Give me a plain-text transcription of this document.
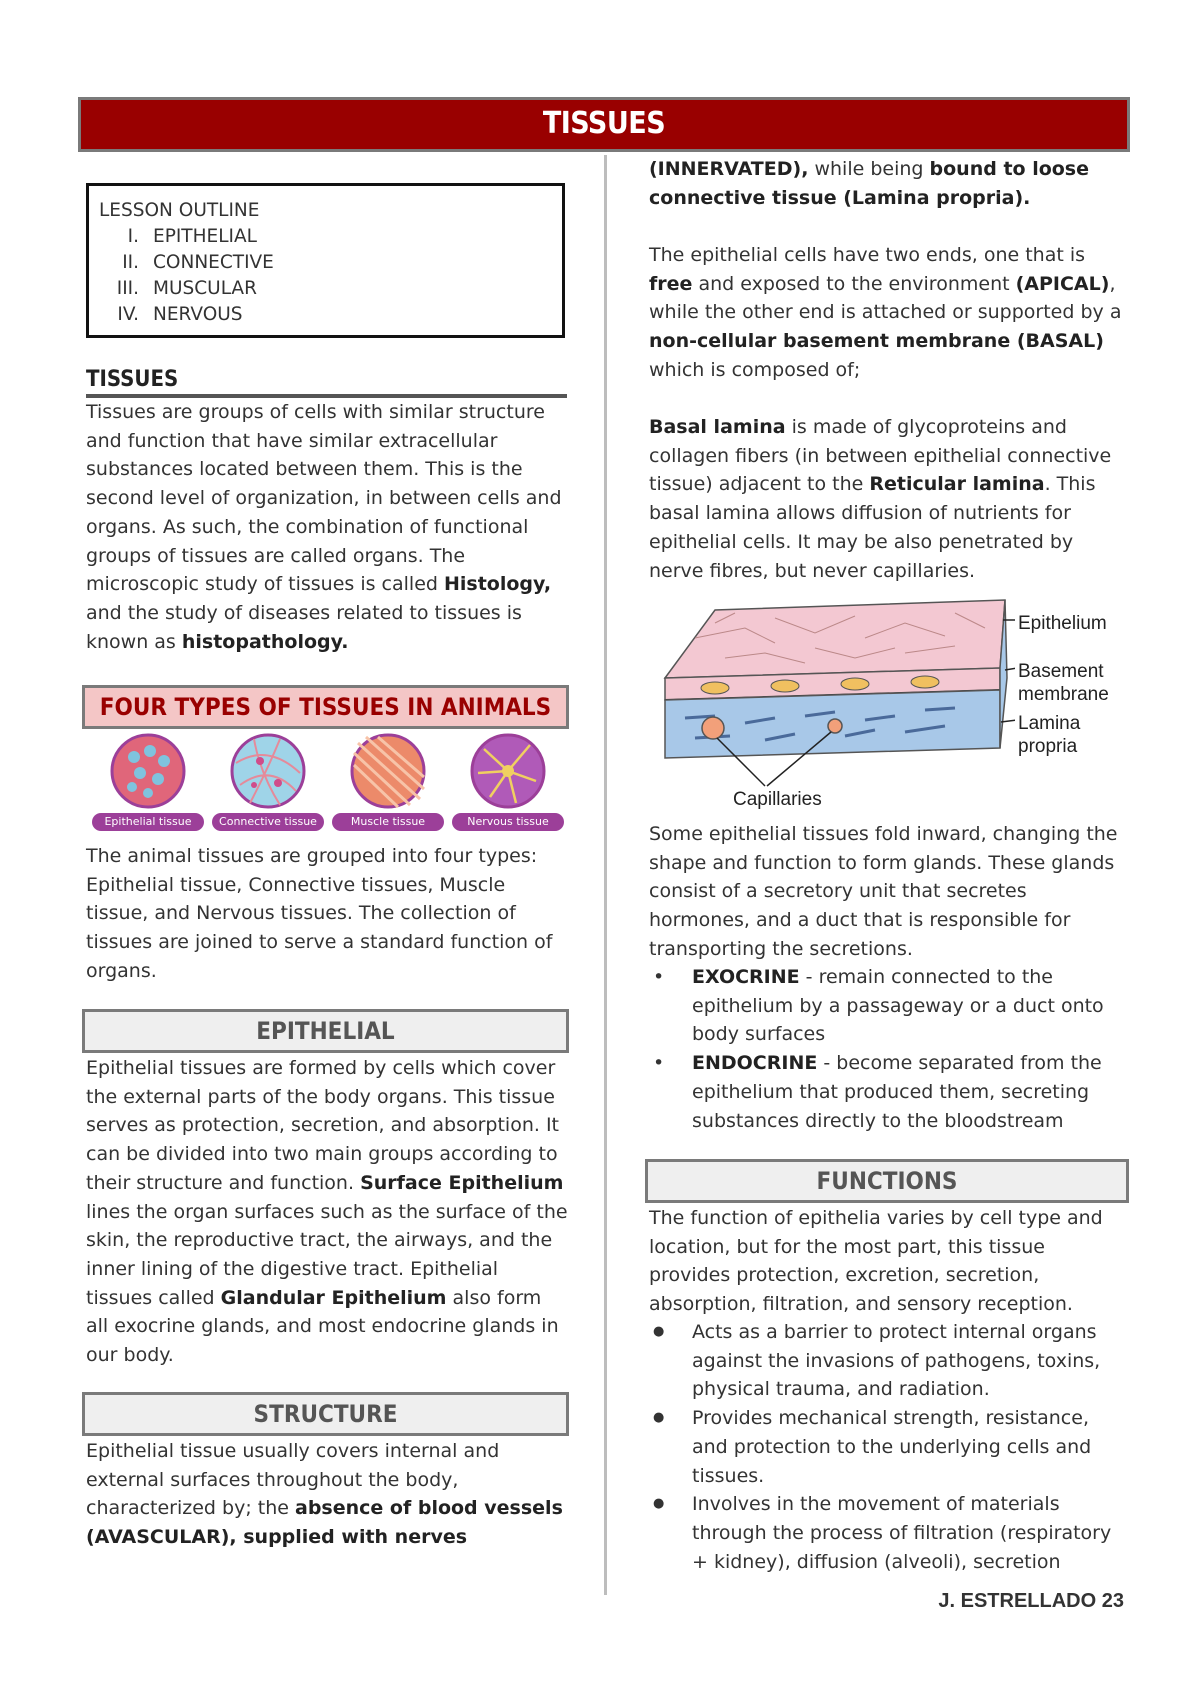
TISSUES
LESSON OUTLINE
I. EPITHELIAL
II. CONNECTIVE
III. MUSCULAR
IV. NERVOUS
TISSUES
Tissues are groups of cells with similar structure and function that have similar extracellular substances located between them. This is the second level of organization, in between cells and organs. As such, the combination of functional groups of tissues are called organs. The microscopic study of tissues is called Histology, and the study of diseases related to tissues is known as histopathology.
FOUR TYPES OF TISSUES IN ANIMALS
Epithelial tissue	Connective tissue	Muscle tissue	Nervous tissue
The animal tissues are grouped into four types: Epithelial tissue, Connective tissues, Muscle tissue, and Nervous tissues. The collection of tissues are joined to serve a standard function of organs.
EPITHELIAL
Epithelial tissues are formed by cells which cover the external parts of the body organs. This tissue serves as protection, secretion, and absorption. It can be divided into two main groups according to their structure and function. Surface Epithelium lines the organ surfaces such as the surface of the skin, the reproductive tract, the airways, and the inner lining of the digestive tract. Epithelial tissues called Glandular Epithelium also form all exocrine glands, and most endocrine glands in our body.
STRUCTURE
Epithelial tissue usually covers internal and external surfaces throughout the body, characterized by; the absence of blood vessels (AVASCULAR), supplied with nerves
(INNERVATED), while being bound to loose connective tissue (Lamina propria).
The epithelial cells have two ends, one that is free and exposed to the environment (APICAL), while the other end is attached or supported by a non-cellular basement membrane (BASAL) which is composed of;
Basal lamina is made of glycoproteins and collagen fibers (in between epithelial connective tissue) adjacent to the Reticular lamina. This basal lamina allows diffusion of nutrients for epithelial cells. It may be also penetrated by nerve fibres, but never capillaries.
Epithelium
Basement
membrane
Lamina
propria
Capillaries
Some epithelial tissues fold inward, changing the shape and function to form glands. These glands consist of a secretory unit that secretes hormones, and a duct that is responsible for transporting the secretions.
• EXOCRINE - remain connected to the epithelium by a passageway or a duct onto body surfaces
• ENDOCRINE - become separated from the epithelium that produced them, secreting substances directly to the bloodstream
FUNCTIONS
The function of epithelia varies by cell type and location, but for the most part, this tissue provides protection, excretion, secretion, absorption, filtration, and sensory reception.
● Acts as a barrier to protect internal organs against the invasions of pathogens, toxins, physical trauma, and radiation.
● Provides mechanical strength, resistance, and protection to the underlying cells and tissues.
● Involves in the movement of materials through the process of filtration (respiratory + kidney), diffusion (alveoli), secretion
J. ESTRELLADO 23
